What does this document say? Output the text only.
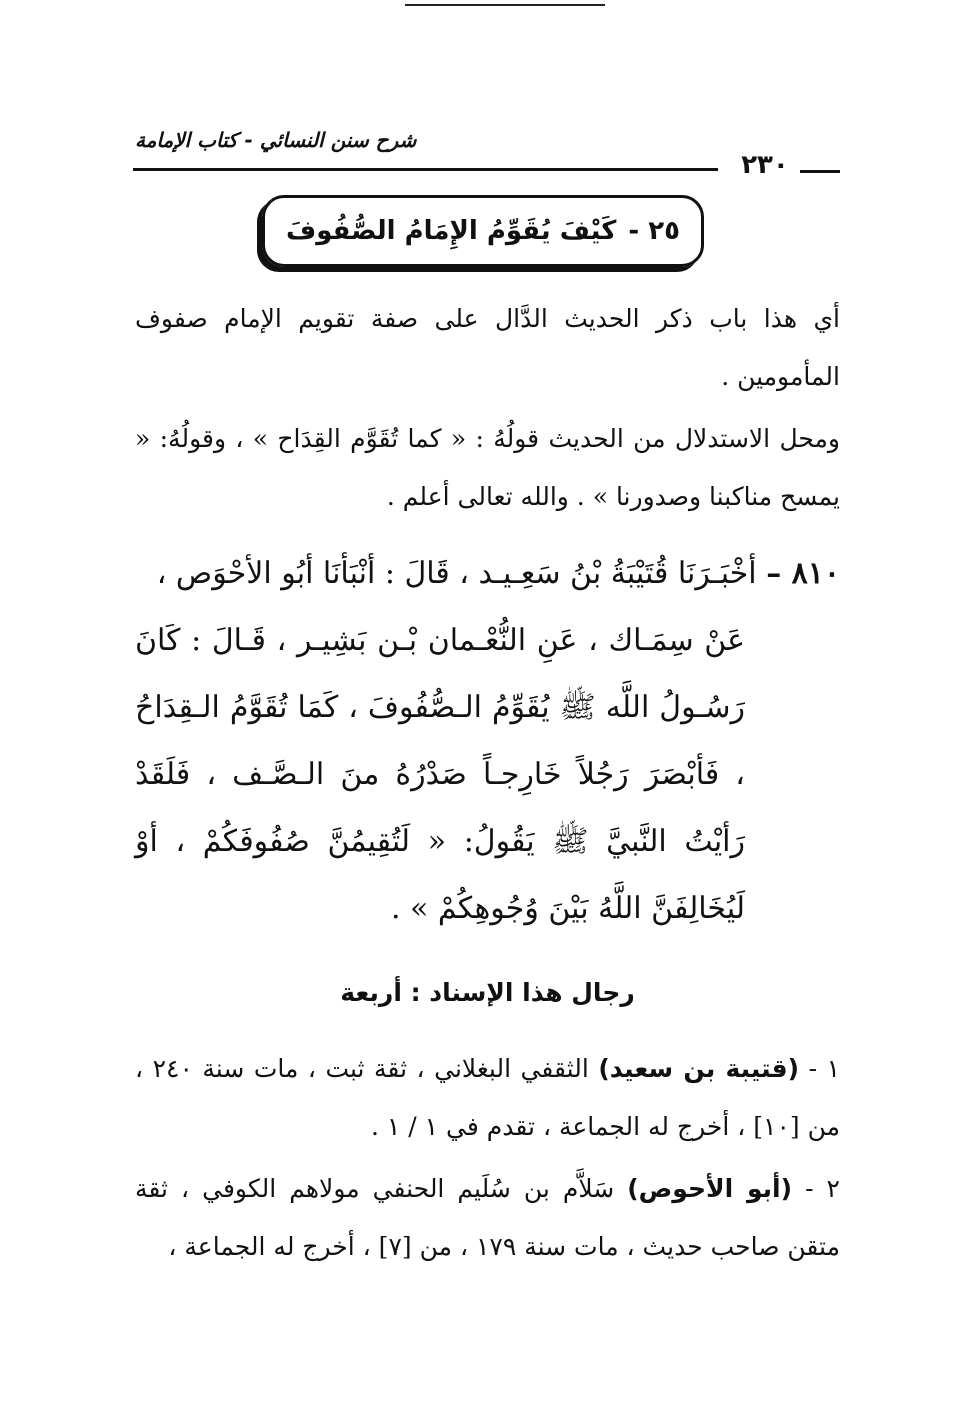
شرح سنن النسائي - كتاب الإمامة
٢٣٠
٢٥ -
كَيْفَ يُقَوِّمُ الإِمَامُ الصُّفُوفَ
أي هذا باب ذكر الحديث الدَّال على صفة تقويم الإمام صفوف المأمومين .
ومحل الاستدلال من الحديث قولُهُ : « كما تُقَوَّم القِدَاح » ، وقولُهُ: « يمسح مناكبنا وصدورنا » . والله تعالى أعلم .
٨١٠ – أخْبَـرَنَا قُتَيْبَةُ بْنُ سَعِـيـد ، قَالَ : أنْبَأنَا أبُو الأحْوَص ،
عَنْ سِمَـاك ، عَنِ النُّعْـمان بْـن بَشِيـر ، قَـالَ : كَانَ رَسُـولُ اللَّه ﷺ يُقَوِّمُ الـصُّفُوفَ ، كَمَا تُقَوَّمُ الـقِدَاحُ ، فَأبْصَرَ رَجُلاً خَارِجـاً صَدْرُهُ منَ الـصَّـف ، فَلَقَدْ رَأيْتُ النَّبيَّ ﷺ يَقُولُ: « لَتُقِيمُنَّ صُفُوفَكُمْ ، أوْ لَيُخَالِفَنَّ اللَّهُ بَيْنَ وُجُوهِكُمْ » .
رجال هذا الإسناد : أربعة
١ - (قتيبة بن سعيد) الثقفي البغلاني ، ثقة ثبت ، مات سنة ٢٤٠ ، من [١٠] ، أخرج له الجماعة ، تقدم في ١ / ١ .
٢ - (أبو الأحوص) سَلاَّم بن سُلَيم الحنفي مولاهم الكوفي ، ثقة متقن صاحب حديث ، مات سنة ١٧٩ ، من [٧] ، أخرج له الجماعة ،
